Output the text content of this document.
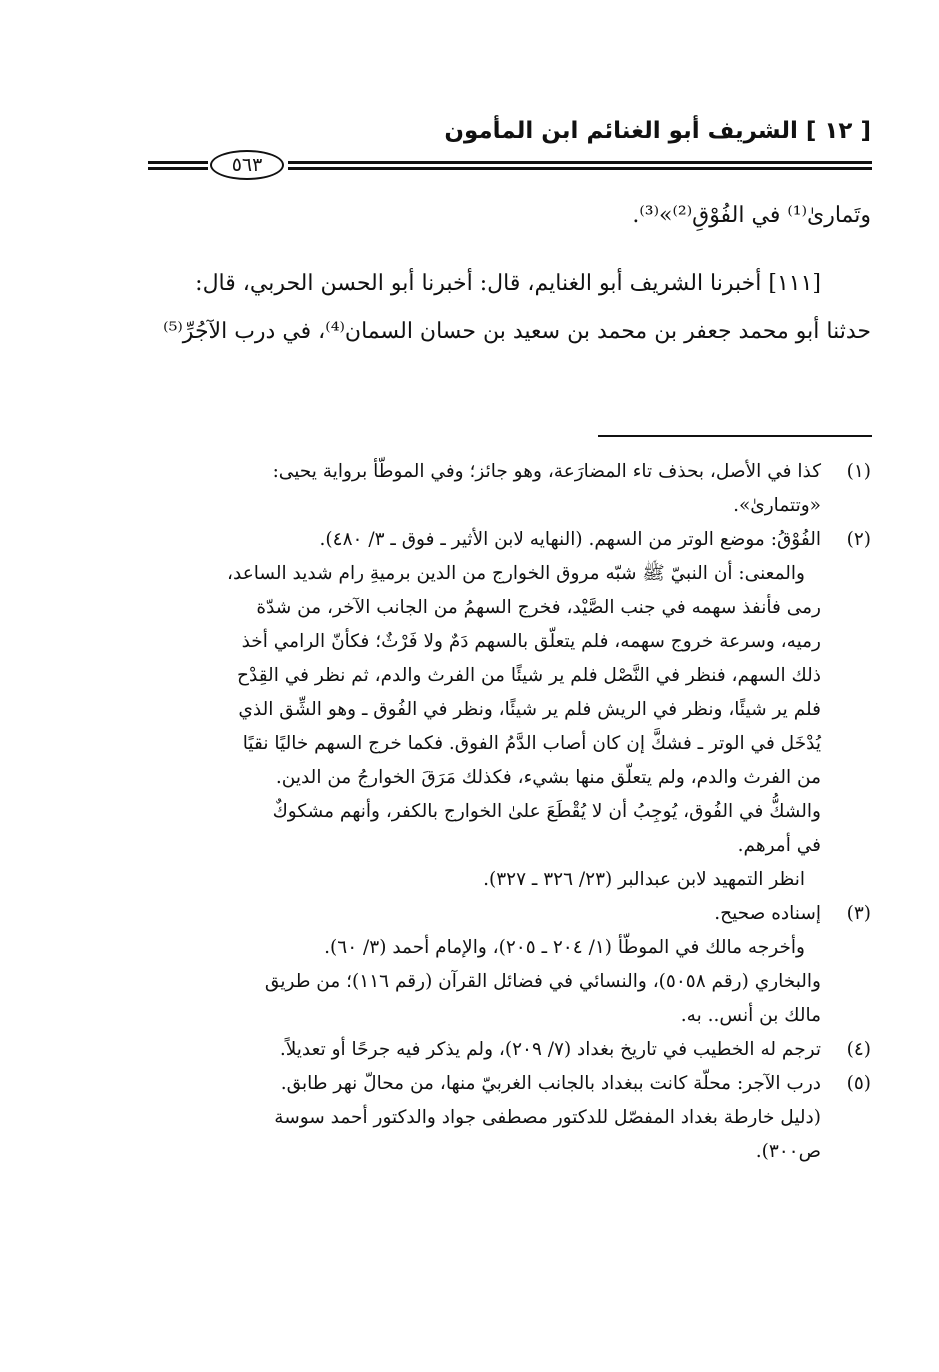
[ ١٢ ] الشريف أبو الغنائم ابن المأمون
٥٦٣

وتَمارىٰ⁽¹⁾ في الفُوْقِ⁽²⁾»⁽³⁾.

[١١١] أخبرنا الشريف أبو الغنايم، قال: أخبرنا أبو الحسن الحربي، قال:

حدثنا أبو محمد جعفر بن محمد بن سعيد بن حسان السمان⁽⁴⁾، في درب الآجُرِّ⁽⁵⁾

(١)

كذا في الأصل، بحذف تاء المضارَعة، وهو جائز؛ وفي الموطّأ برواية يحيى:

«وتتمارىٰ».

(٢)

الفُوْقُ: موضع الوتر من السهم. (النهايه لابن الأثير ـ فوق ـ ٣/ ٤٨٠).

والمعنى: أن النبيّ ﷺ شبّه مروق الخوارج من الدين برميةِ رام شديد الساعد،

رمى فأنفذ سهمه في جنب الصَّيْد، فخرج السهمُ من الجانب الآخر، من شدّة

رميه، وسرعة خروج سهمه، فلم يتعلّق بالسهم دَمٌ ولا فَرْثٌ؛ فكأنّ الرامي أخذ

ذلك السهم، فنظر في النَّصْل فلم ير شيئًا من الفرث والدم، ثم نظر في القِدْح

فلم ير شيئًا، ونظر في الريش فلم ير شيئًا، ونظر في الفُوق ـ وهو الشِّق الذي

يُدْخَل في الوتر ـ فشكَّ إن كان أصاب الدَّمُ الفوق. فكما خرج السهم خاليًا نقيًا

من الفرث والدم، ولم يتعلّق منها بشيء، فكذلك مَرَقَ الخوارجُ من الدين.

والشكُّ في الفُوق، يُوجِبُ أن لا يُقْطَعَ علىٰ الخوارج بالكفر، وأنهم مشكوكٌ

في أمرهم.

انظر التمهيد لابن عبدالبر (٢٣/ ٣٢٦ ـ ٣٢٧).

(٣)

إسناده صحيح.

وأخرجه مالك في الموطّأ (١/ ٢٠٤ ـ ٢٠٥)، والإمام أحمد (٣/ ٦٠).

والبخاري (رقم ٥٠٥٨)، والنسائي في فضائل القرآن (رقم ١١٦)؛ من طريق

مالك بن أنس.. به.

(٤)

ترجم له الخطيب في تاريخ بغداد (٧/ ٢٠٩)، ولم يذكر فيه جرحًا أو تعديلاً.

(٥)

درب الآجر: محلّة كانت ببغداد بالجانب الغربيّ منها، من محالّ نهر طابق.

(دليل خارطة بغداد المفصّل للدكتور مصطفى جواد والدكتور أحمد سوسة

ص٣٠٠).
